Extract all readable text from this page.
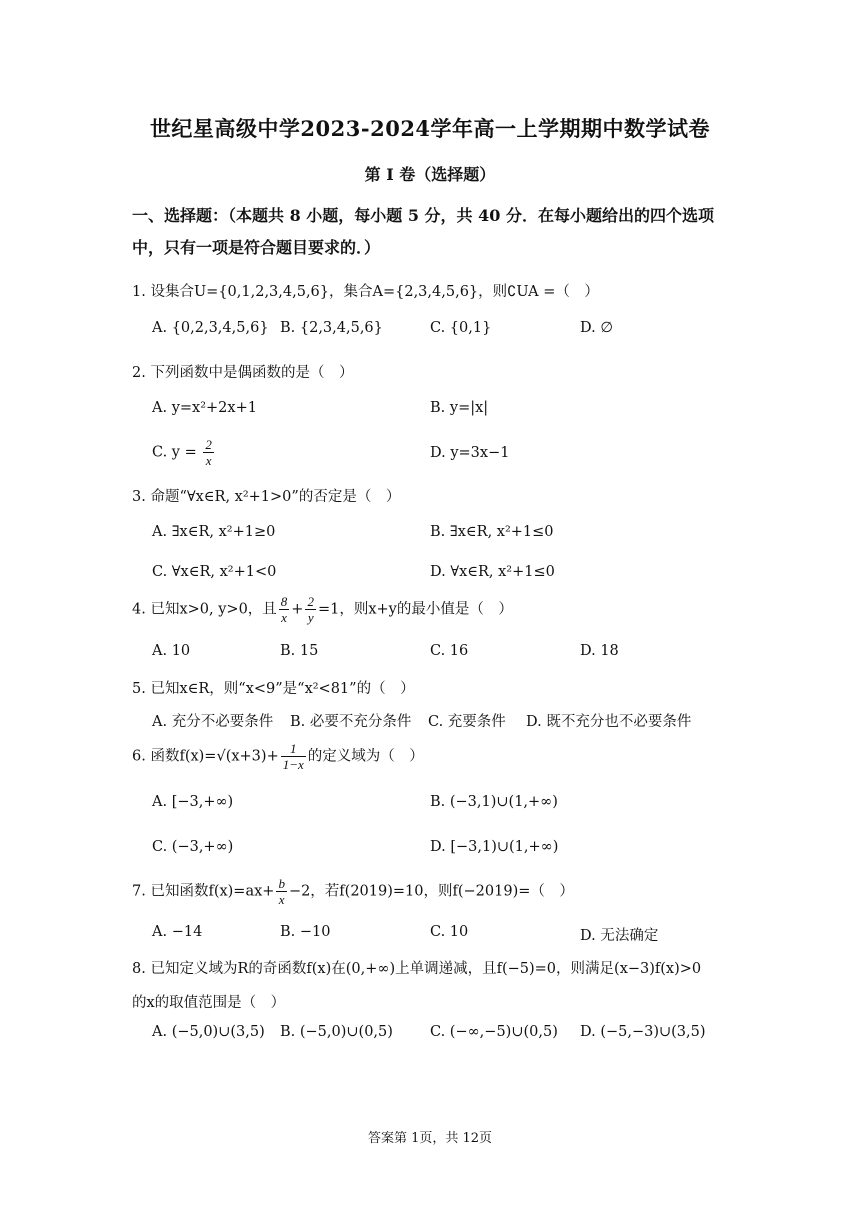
世纪星高级中学2023-2024学年高一上学期期中数学试卷
第 I 卷（选择题）
一、选择题：（本题共 8 小题，每小题 5 分，共 40 分．在每小题给出的四个选项中，只有一项是符合题目要求的．）
1. 设集合U={0,1,2,3,4,5,6}，集合A={2,3,4,5,6}，则∁UA =（　）
A. {0,2,3,4,5,6} B. {2,3,4,5,6}	C. {0,1}	D. ∅
2. 下列函数中是偶函数的是（　）
A. y=x²+2x+1	B. y=|x|
C. $y = \frac{2}{x}$	D. y=3x−1
3. 命题“∀x∈R, x²+1>0”的否定是（　）
A. ∃x∈R, x²+1≥0	B. ∃x∈R, x²+1≤0
C. ∀x∈R, x²+1<0	D. ∀x∈R, x²+1≤0
4. 已知x>0, y>0，且 $\frac{8}{x} + \frac{2}{y} =1$，则x+y的最小值是（　）
A. 10	B. 15	C. 16	D. 18
5. 已知x∈R，则“x<9”是“x²<81”的（　）
A. 充分不必要条件 B. 必要不充分条件 C. 充要条件 D. 既不充分也不必要条件
6. 函数$f(x)=√(x+3)+ \frac{1}{1-x}$ 的定义域为（　）
A. [−3,+∞)	B. (−3,1)∪(1,+∞)
C. (−3,+∞)	D. [−3,1)∪(1,+∞)
7. 已知函数$f(x)=ax+ \frac{b}{x} -2$，若f(2019)=10，则f(−2019)=（　）
A. −14	B. −10	C. 10	D. 无法确定
8. 已知定义域为R的奇函数f(x)在(0,+∞)上单调递减，且f(−5)=0，则满足(x−3)f(x)>0
的x的取值范围是（　）
A. (−5,0)∪(3,5) B. (−5,0)∪(0,5)	C. (−∞,−5)∪(0,5) D. (−5,−3)∪(3,5)
答案第 1页，共 12页
